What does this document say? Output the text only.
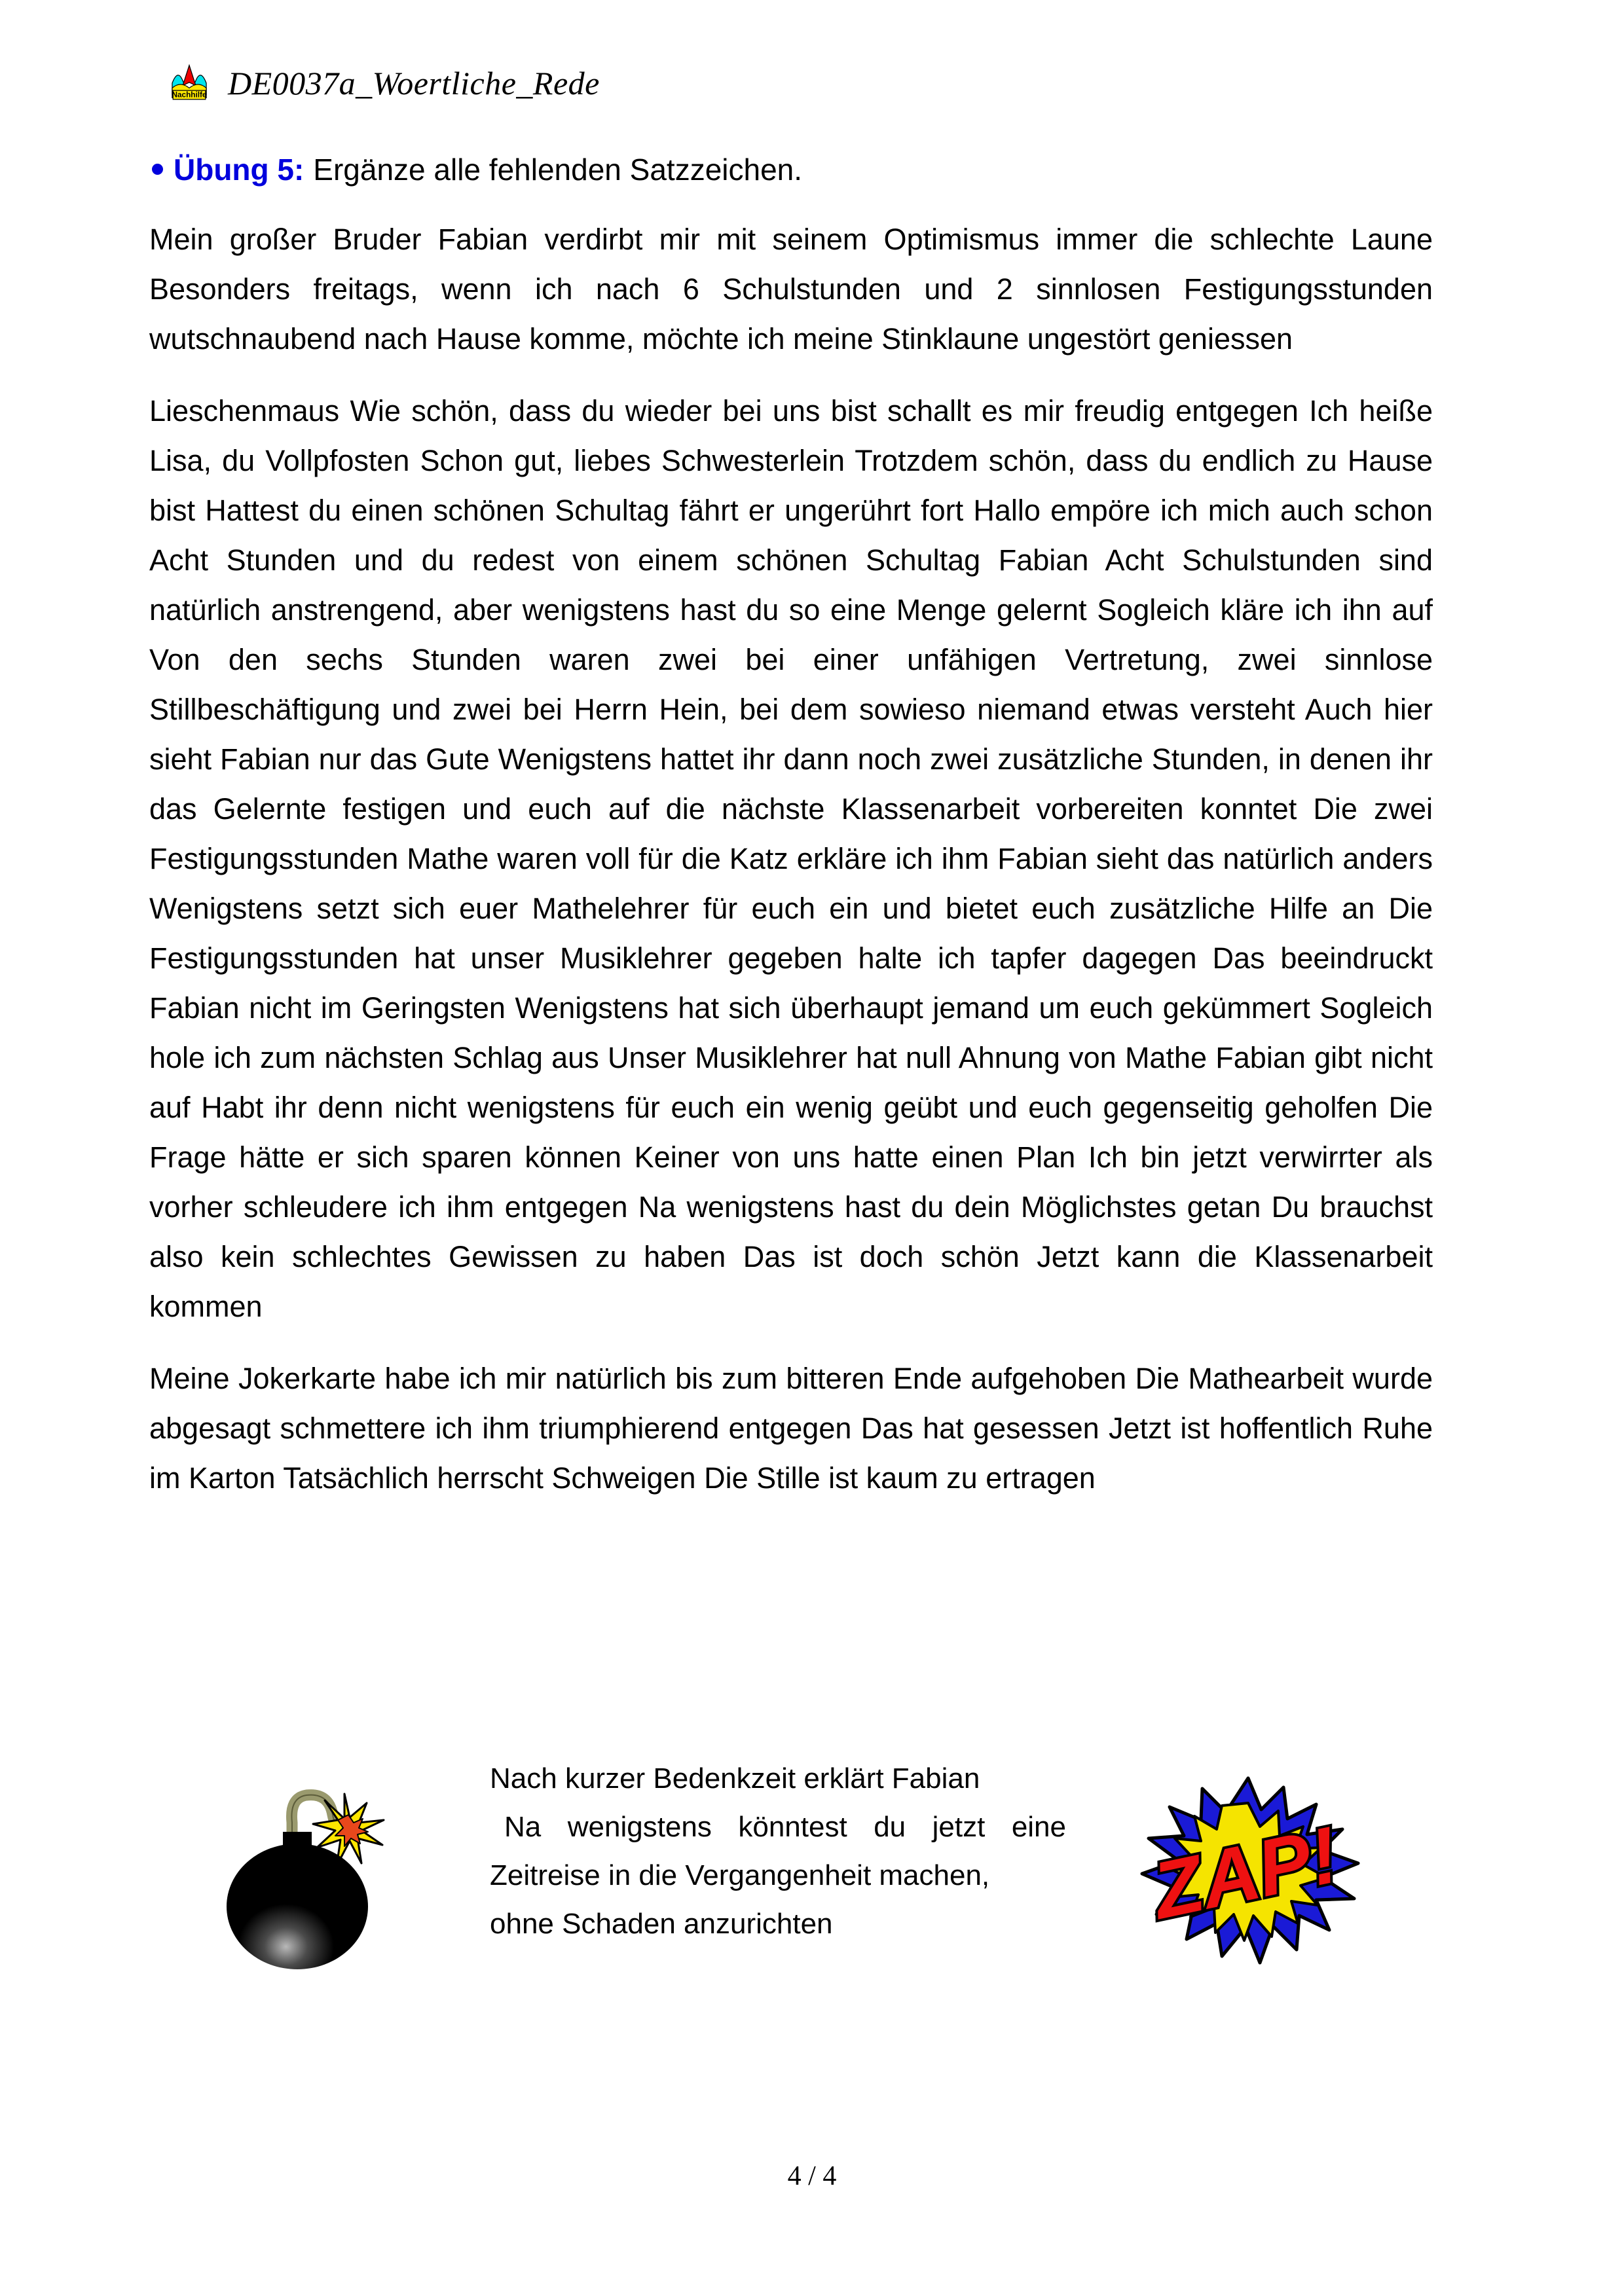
Nachhilfe DE0037a_Woertliche_Rede
Übung 5: Ergänze alle fehlenden Satzzeichen.

Mein großer Bruder Fabian verdirbt mir mit seinem Optimismus immer die schlechte Laune Besonders freitags, wenn ich nach 6 Schulstunden und 2 sinnlosen Festigungsstunden wutschnaubend nach Hause komme, möchte ich meine Stinklaune ungestört geniessen

Lieschenmaus Wie schön, dass du wieder bei uns bist schallt es mir freudig entgegen Ich heiße Lisa, du Vollpfosten Schon gut, liebes Schwesterlein Trotzdem schön, dass du endlich zu Hause bist Hattest du einen schönen Schultag fährt er ungerührt fort Hallo empöre ich mich auch schon Acht Stunden und du redest von einem schönen Schultag Fabian Acht Schulstunden sind natürlich anstrengend, aber wenigstens hast du so eine Menge gelernt Sogleich kläre ich ihn auf Von den sechs Stunden waren zwei bei einer unfähigen Vertretung, zwei sinnlose Stillbeschäftigung und zwei bei Herrn Hein, bei dem sowieso niemand etwas versteht Auch hier sieht Fabian nur das Gute Wenigstens hattet ihr dann noch zwei zusätzliche Stunden, in denen ihr das Gelernte festigen und euch auf die nächste Klassenarbeit vorbereiten konntet Die zwei Festigungsstunden Mathe waren voll für die Katz erkläre ich ihm Fabian sieht das natürlich anders Wenigstens setzt sich euer Mathelehrer für euch ein und bietet euch zusätzliche Hilfe an Die Festigungsstunden hat unser Musiklehrer gegeben halte ich tapfer dagegen Das beeindruckt Fabian nicht im Geringsten Wenigstens hat sich überhaupt jemand um euch gekümmert Sogleich hole ich zum nächsten Schlag aus Unser Musiklehrer hat null Ahnung von Mathe Fabian gibt nicht auf Habt ihr denn nicht wenigstens für euch ein wenig geübt und euch gegenseitig geholfen Die Frage hätte er sich sparen können Keiner von uns hatte einen Plan Ich bin jetzt verwirrter als vorher schleudere ich ihm entgegen Na wenigstens hast du dein Möglichstes getan Du brauchst also kein schlechtes Gewissen zu haben Das ist doch schön Jetzt kann die Klassenarbeit kommen

Meine Jokerkarte habe ich mir natürlich bis zum bitteren Ende aufgehoben Die Mathearbeit wurde abgesagt schmettere ich ihm triumphierend entgegen Das hat gesessen Jetzt ist hoffentlich Ruhe im Karton Tatsächlich herrscht Schweigen Die Stille ist kaum zu ertragen

Nach kurzer Bedenkzeit erklärt Fabian
Na wenigstens könntest du jetzt eine
Zeitreise in die Vergangenheit machen,
ohne Schaden anzurichten	ZAP!
4 / 4
